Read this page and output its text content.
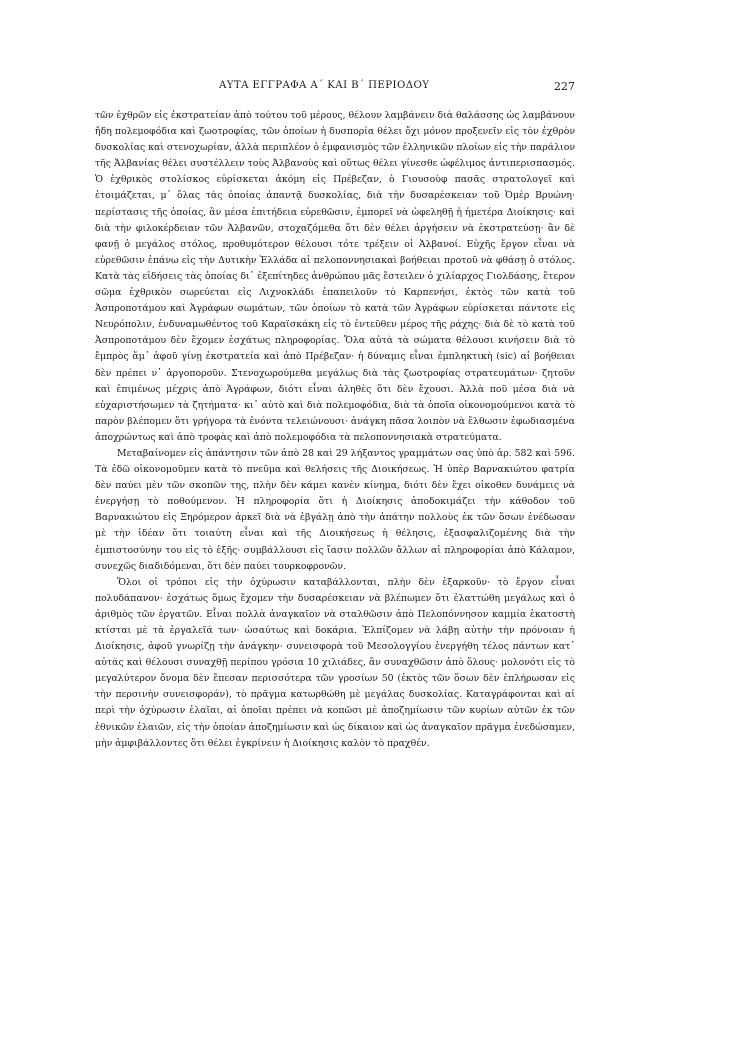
ΑΥΤΑ ΕΓΓΡΑΦΑ Α΄ ΚΑΙ Β΄ ΠΕΡΙΟΔΟΥ	227

τῶν ἐχθρῶν εἰς ἐκστρατείαν ἀπὸ τούτου τοῦ μέρους, θέλουν λαμβάνειν διὰ θαλάσσης ὡς λαμβάνουν ἤδη πολεμοφόδια καὶ ζωοτροφίας, τῶν ὁποίων ἡ δυσπορία θέλει ὄχι μόνον προξενεῖν εἰς τὸν ἐχθρὸν δυσκολίας καὶ στενοχωρίαν, ἀλλὰ περιπλέον ὁ ἐμφανισμὸς τῶν ἑλληνικῶν πλοίων εἰς τὴν παράλιον τῆς Ἀλβανίας θέλει συστέλλειν τοὺς Ἀλβανοὺς καὶ οὕτως θέλει γίνεσθε ὠφέλιμος ἀντιπερισπασμός. Ὁ ἐχθρικὸς στολίσκος εὑρίσκεται ἀκόμη εἰς Πρέβεζαν, ὁ Γιουσοὺφ πασᾶς στρατολογεῖ καὶ ἑτοιμάζεται, μ᾽ ὅλας τὰς ὁποίας ἀπαντᾷ δυσκολίας, διὰ τὴν δυσαρέσκειαν τοῦ Ὀμὲρ Βρυώνη· περίστασις τῆς ὁποίας, ἂν μέσα ἐπιτήδεια εὑρεθῶσιν, ἐμπορεῖ νὰ ὠφεληθῇ ἡ ἡμετέρα Διοίκησις· καὶ διὰ τὴν φιλοκέρδειαν τῶν Ἀλβανῶν, στοχαζόμεθα ὅτι δὲν θέλει ἀργήσειν νὰ ἐκστρατεύσῃ· ἂν δὲ φανῇ ὁ μεγάλος στόλος, προθυμότερον θέλουσι τότε τρέξειν οἱ Ἀλβανοί. Εὐχῆς ἔργον εἶναι νὰ εὑρεθῶσιν ἐπάνω εἰς τὴν Δυτικὴν Ἑλλάδα αἱ πελοποννησιακαὶ βοήθειαι προτοῦ νὰ φθάσῃ ὁ στόλος. Κατὰ τὰς εἰδήσεις τὰς ὁποίας δι᾽ ἐξεπίτηδες ἀνθρώπου μᾶς ἔστειλεν ὁ χιλίαρχος Γιολδάσης, ἕτερον σῶμα ἐχθρικὸν σωρεύεται εἰς Λιχνοκλάδι ἐπαπειλοῦν τὸ Καρπενήσι, ἐκτὸς τῶν κατὰ τοῦ Ἀσπροποτάμου καὶ Ἀγράφων σωμάτων, τῶν ὁποίων τὸ κατὰ τῶν Ἀγράφων εὑρίσκεται πάντοτε εἰς Νευρόπολιν, ἐνδυναμωθέντος τοῦ Καραϊσκάκη εἰς τὸ ἐντεῦθεν μέρος τῆς ράχης· διὰ δὲ τὸ κατὰ τοῦ Ἀσπροποτάμου δὲν ἔχομεν ἐσχάτως πληροφορίας. Ὅλα αὐτὰ τὰ σώματα θέλουσι κινήσειν διὰ τὸ ἔμπρὸς ἅμ᾽ ἀφοῦ γίνῃ ἐκστρατεία καὶ ἀπὸ Πρέβεζαν· ἡ δύναμις εἶναι ἐμπληκτικὴ (sic) αἱ βοήθειαι δὲν πρέπει ν᾽ ἀργοποροῦν. Στενοχωρούμεθα μεγάλως διὰ τὰς ζωοτροφίας στρατευμάτων· ζητοῦν καὶ ἐπιμένως μέχρις ἀπὸ Ἀγράφων, διότι εἶναι ἀληθὲς ὅτι δὲν ἔχουσι. Ἀλλὰ ποῦ μέσα διὰ νὰ εὐχαριστήσωμεν τὰ ζητήματα· κι᾽ αὐτὸ καὶ διὰ πολεμοφόδια, διὰ τὰ ὁποῖα οἰκονομούμενοι κατὰ τὸ παρὸν βλέπομεν ὅτι γρήγορα τὰ ἐνόντα τελειώνουσι· ἀνάγκη πᾶσα λοιπὸν νὰ ἔλθωσιν ἐφωδιασμένα ἀποχρώντως καὶ ἀπὸ τροφὰς καὶ ἀπὸ πολεμοφόδια τὰ πελοποννησιακὰ στρατεύματα.

Μεταβαίνομεν εἰς ἀπάντησιν τῶν ἀπὸ 28 καὶ 29 λήξαντος γραμμάτων σας ὑπὸ ἀρ. 582 καὶ 596. Τὰ ἐδῶ οἰκονομοῦμεν κατὰ τὸ πνεῦμα καὶ θελήσεις τῆς Διοικήσεως. Ἡ ὑπὲρ Βαρνακιώτου φατρία δὲν παύει μὲν τῶν σκοπῶν της, πλὴν δὲν κάμει κανὲν κίνημα, διότι δὲν ἔχει οἰκοθεν δυνάμεις νὰ ἐνεργήσῃ τὸ ποθούμενον. Ἡ πληροφορία ὅτι ἡ Διοίκησις ἀποδοκιμάζει τὴν κάθοδον τοῦ Βαρνακιώτου εἰς Ξηρόμερον ἀρκεῖ διὰ νὰ ἐβγάλῃ ἀπὸ τὴν ἀπάτην πολλοὺς ἐκ τῶν ὅσων ἐνέδωσαν μὲ τὴν ἰδέαν ὅτι τοιαύτη εἶναι καὶ τῆς Διοικήσεως ἡ θέλησις, ἐξασφαλιζομένης διὰ τὴν ἐμπιστοσύνην του εἰς τὸ ἑξῆς· συμβάλλουσι εἰς ἴασιν πολλῶν ἄλλων αἱ πληροφορίαι ἀπὸ Κάλαμον, συνεχῶς διαδιδόμεναι, ὅτι δὲν παύει τουρκοφρονῶν.

Ὅλοι οἱ τρόποι εἰς τὴν ὀχύρωσιν καταβάλλονται, πλὴν δὲν ἐξαρκοῦν· τὸ ἔργον εἶναι πολυδάπανον· ἐσχάτως ὅμως ἔχομεν τὴν δυσαρέσκειαν νὰ βλέπωμεν ὅτι ἐλαττώθη μεγάλως καὶ ὁ ἀριθμὸς τῶν ἐργατῶν. Εἶναι πολλὰ ἀναγκαῖον νὰ σταλθῶσιν ἀπὸ Πελοπόννησον καμμία ἑκατοστὴ κτίσται μὲ τὰ ἐργαλεῖά των· ὡσαύτως καὶ δοκάρια. Ἐλπίζομεν νὰ λάβῃ αὐτὴν τὴν πρόνοιαν ἡ Διοίκησις, ἀφοῦ γνωρίζῃ τὴν ἀνάγκην· συνεισφορὰ τοῦ Μεσολογγίου ἐνεργήθη τέλος πάντων κατ᾽ αὐτὰς καὶ θέλουσι συναχθῇ περίπου γρόσια 10 χιλιάδες, ἂν συναχθῶσιν ἀπὸ ὅλους· μολονότι εἰς τὸ μεγαλύτερον ὄνομα δὲν ἔπεσαν περισσότερα τῶν γροσίων 50 (ἐκτὸς τῶν ὅσων δὲν ἐπλήρωσαν εἰς τὴν περσινὴν συνεισφοράν), τὸ πρᾶγμα κατωρθώθη μὲ μεγάλας δυσκολίας. Καταγράφονται καὶ αἱ περὶ τὴν ὀχύρωσιν ἐλαῖαι, αἱ ὁποῖαι πρέπει νὰ κοπῶσι μὲ ἀποζημίωσιν τῶν κυρίων αὐτῶν ἐκ τῶν ἐθνικῶν ἐλαιῶν, εἰς τὴν ὁποίαν ἀποζημίωσιν καὶ ὡς δίκαιον καὶ ὡς ἀναγκαῖον πρᾶγμα ἐνεδώσαμεν, μὴν ἀμφιβάλλοντες ὅτι θέλει ἐγκρίνειν ἡ Διοίκησις καλὸν τὸ πραχθέν.
